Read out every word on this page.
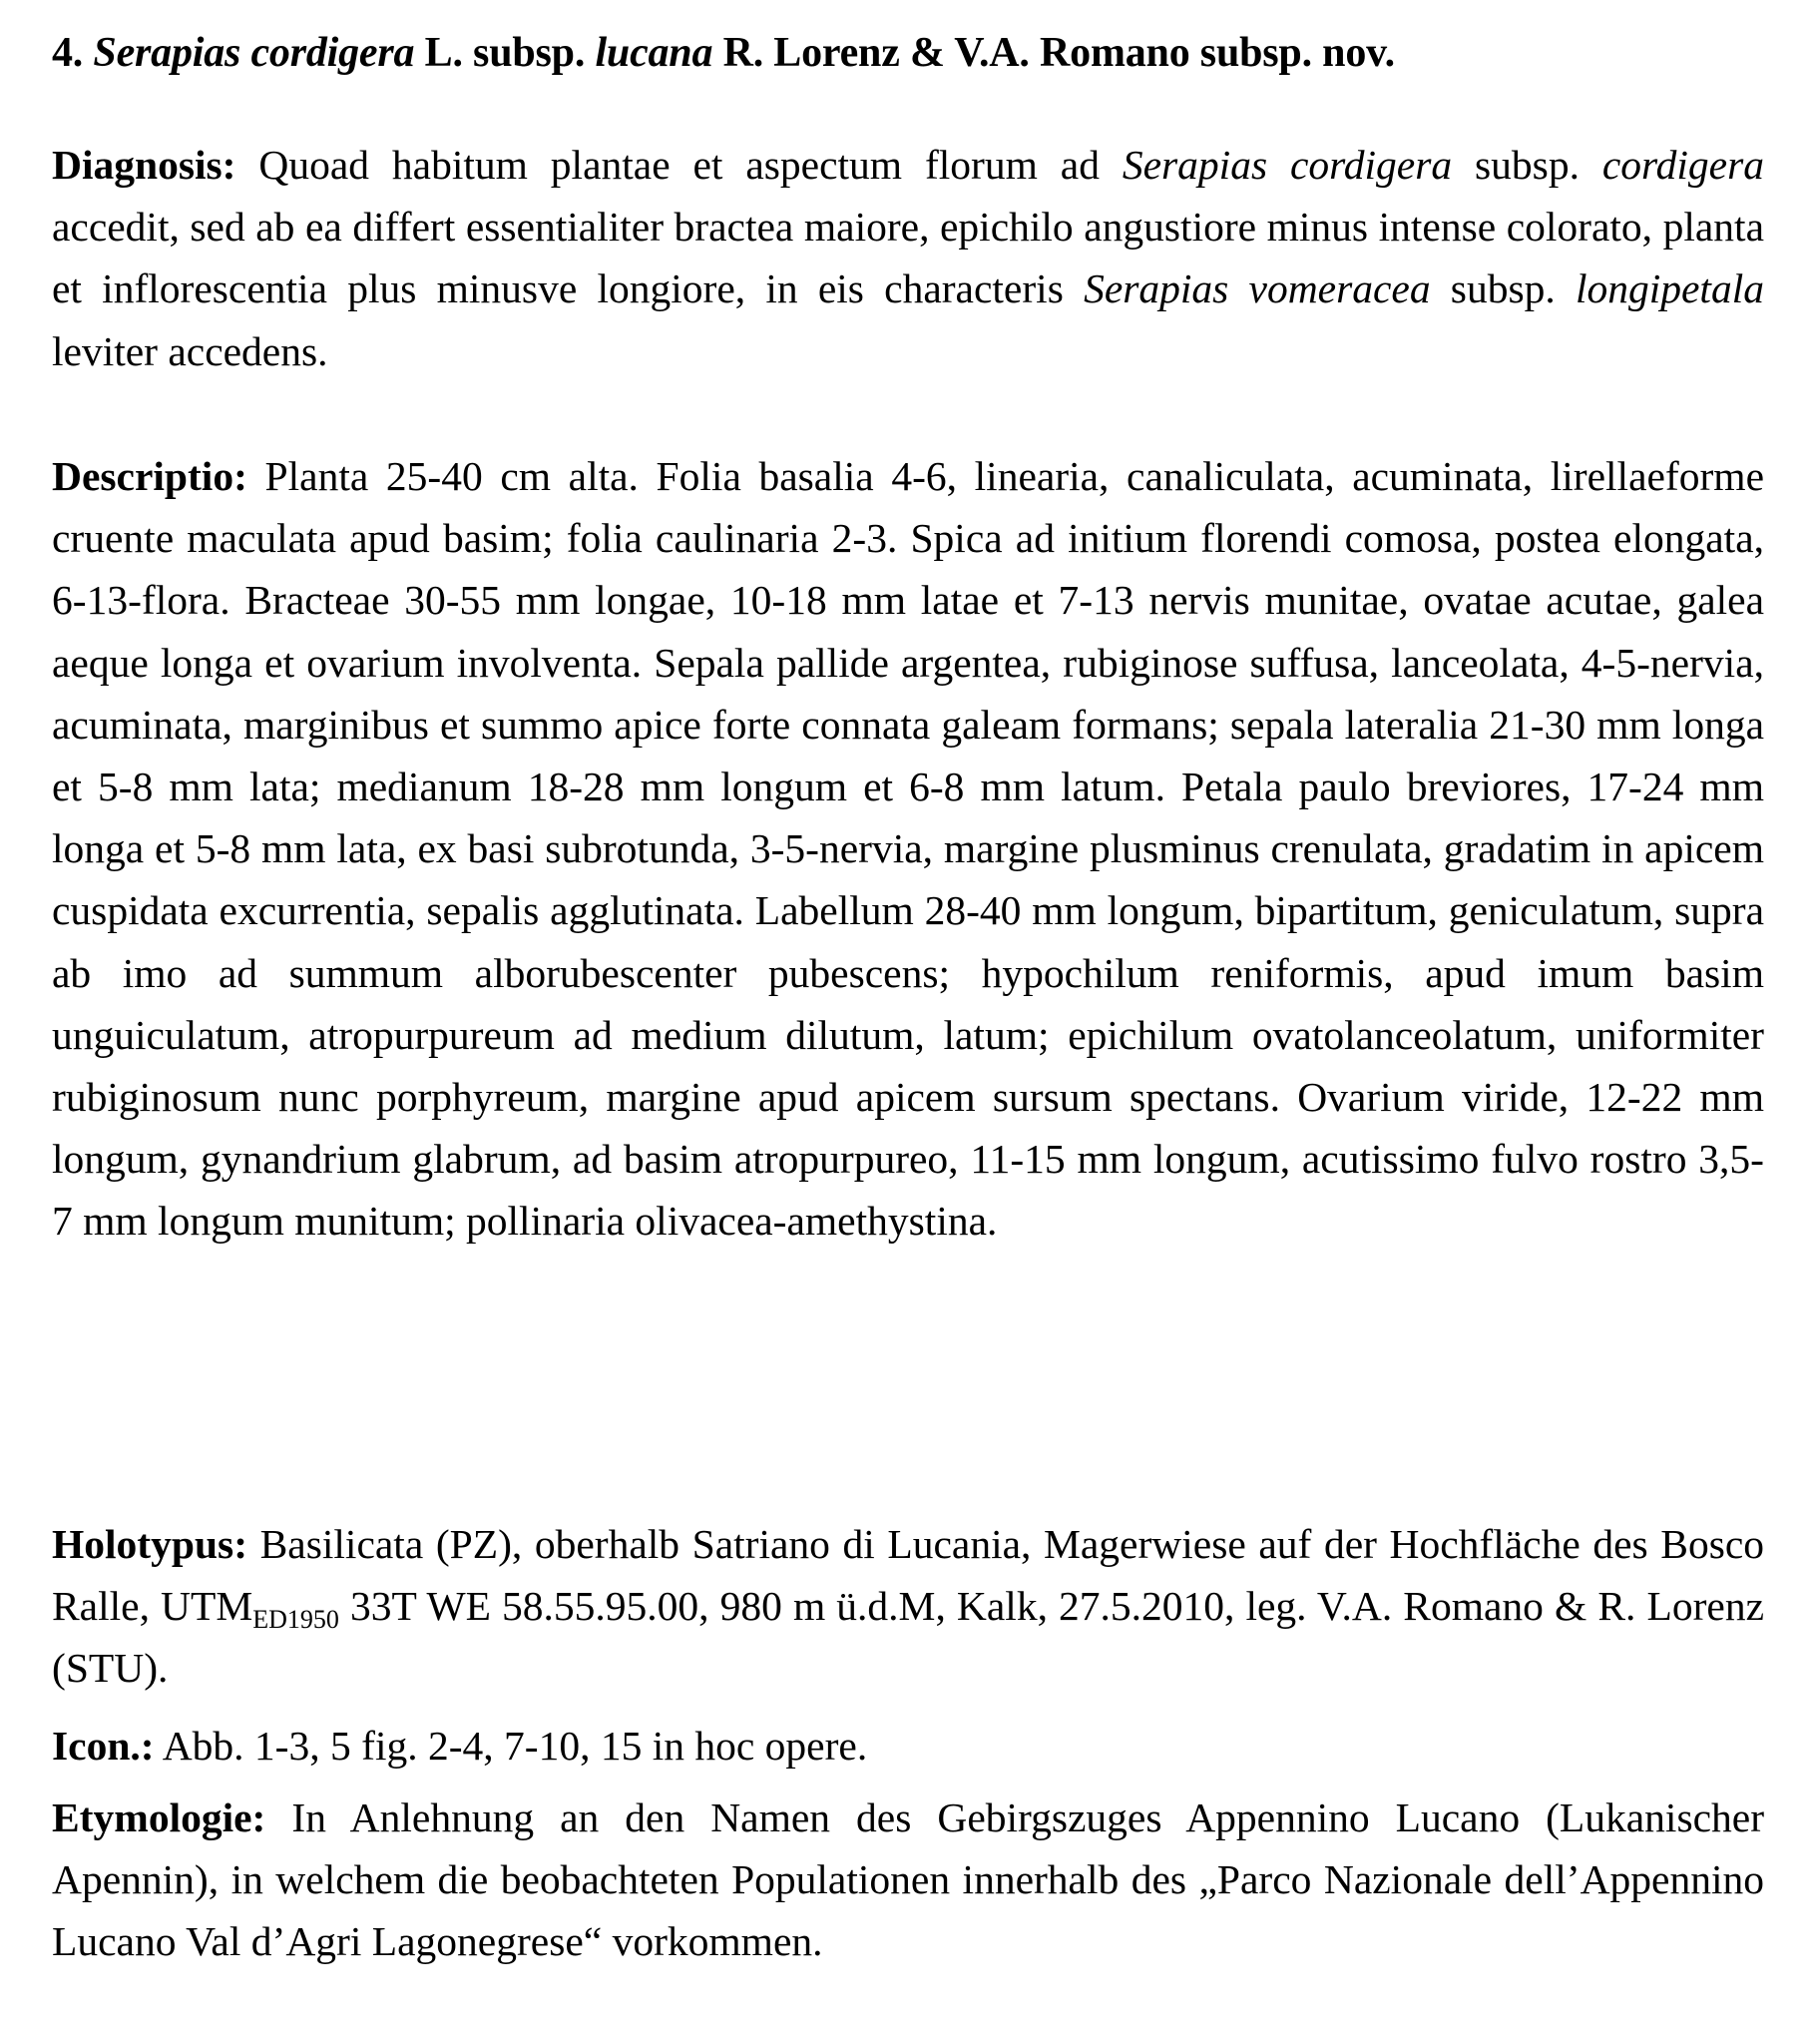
4. Serapias cordigera L. subsp. lucana R. Lorenz & V.A. Romano subsp. nov.

Diagnosis: Quoad habitum plantae et aspectum florum ad Serapias cordigera subsp. cordigera accedit, sed ab ea differt essentialiter bractea maiore, epichilo angustiore minus intense colorato, planta et inflorescentia plus minusve longiore, in eis characteris Serapias vomeracea subsp. longipetala leviter accedens.

Descriptio: Planta 25-40 cm alta. Folia basalia 4-6, linearia, canaliculata, acuminata, lirellaeforme cruente maculata apud basim; folia caulinaria 2-3. Spica ad initium florendi comosa, postea elongata, 6-13-flora. Bracteae 30-55 mm longae, 10-18 mm latae et 7-13 nervis munitae, ovatae acutae, galea aeque longa et ovarium involventa. Sepala pallide argentea, rubiginose suffusa, lanceolata, 4-5-nervia, acuminata, marginibus et summo apice forte connata galeam formans; sepala lateralia 21-30 mm longa et 5-8 mm lata; medianum 18-28 mm longum et 6-8 mm latum. Petala paulo breviores, 17-24 mm longa et 5-8 mm lata, ex basi subrotunda, 3-5-nervia, margine plusminus crenulata, gradatim in apicem cuspidata excurrentia, sepalis agglutinata. Labellum 28-40 mm longum, bipartitum, geniculatum, supra ab imo ad summum alborubescenter pubescens; hypochilum reniformis, apud imum basim unguiculatum, atropurpureum ad medium dilutum, latum; epichilum ovatolanceolatum, uniformiter rubiginosum nunc porphyreum, margine apud apicem sursum spectans. Ovarium viride, 12-22 mm longum, gynandrium glabrum, ad basim atropurpureo, 11-15 mm longum, acutissimo fulvo rostro 3,5-7 mm longum munitum; pollinaria olivacea-amethystina.

Holotypus: Basilicata (PZ), oberhalb Satriano di Lucania, Magerwiese auf der Hochfläche des Bosco Ralle, $UTM_{ED1950}$ 33T WE 58.55.95.00, 980 m ü.d.M, Kalk, 27.5.2010, leg. V.A. Romano & R. Lorenz (STU).

Icon.: Abb. 1-3, 5 fig. 2-4, 7-10, 15 in hoc opere.

Etymologie: In Anlehnung an den Namen des Gebirgszuges Appennino Lucano (Lukanischer Apennin), in welchem die beobachteten Populationen innerhalb des „Parco Nazionale dell’Appennino Lucano Val d’Agri Lagonegrese“ vorkommen.
